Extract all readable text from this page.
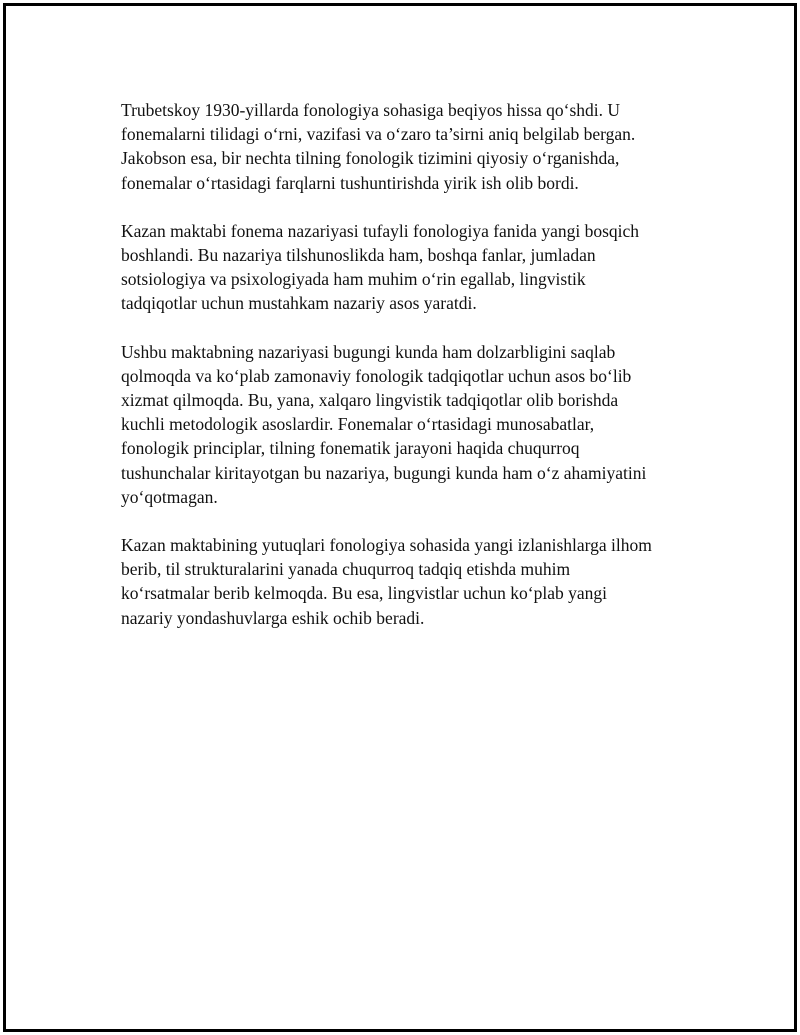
Trubetskoy 1930-yillarda fonologiya sohasiga beqiyos hissa qo‘shdi. U
fonemalarni tilidagi o‘rni, vazifasi va o‘zaro ta’sirni aniq belgilab bergan.
Jakobson esa, bir nechta tilning fonologik tizimini qiyosiy o‘rganishda,
fonemalar o‘rtasidagi farqlarni tushuntirishda yirik ish olib bordi.

Kazan maktabi fonema nazariyasi tufayli fonologiya fanida yangi bosqich
boshlandi. Bu nazariya tilshunoslikda ham, boshqa fanlar, jumladan
sotsiologiya va psixologiyada ham muhim o‘rin egallab, lingvistik
tadqiqotlar uchun mustahkam nazariy asos yaratdi.

Ushbu maktabning nazariyasi bugungi kunda ham dolzarbligini saqlab
qolmoqda va ko‘plab zamonaviy fonologik tadqiqotlar uchun asos bo‘lib
xizmat qilmoqda. Bu, yana, xalqaro lingvistik tadqiqotlar olib borishda
kuchli metodologik asoslardir. Fonemalar o‘rtasidagi munosabatlar,
fonologik principlar, tilning fonematik jarayoni haqida chuqurroq
tushunchalar kiritayotgan bu nazariya, bugungi kunda ham o‘z ahamiyatini
yo‘qotmagan.

Kazan maktabining yutuqlari fonologiya sohasida yangi izlanishlarga ilhom
berib, til strukturalarini yanada chuqurroq tadqiq etishda muhim
ko‘rsatmalar berib kelmoqda. Bu esa, lingvistlar uchun ko‘plab yangi
nazariy yondashuvlarga eshik ochib beradi.
